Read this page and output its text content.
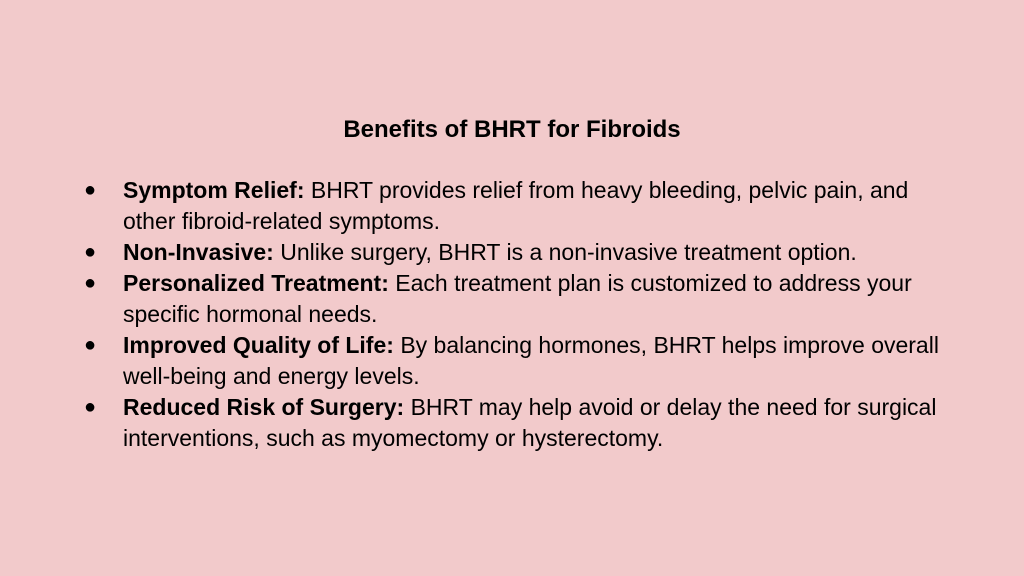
Benefits of BHRT for Fibroids
● Symptom Relief: BHRT provides relief from heavy bleeding, pelvic pain, and other fibroid-related symptoms.
● Non-Invasive: Unlike surgery, BHRT is a non-invasive treatment option.
● Personalized Treatment: Each treatment plan is customized to address your specific hormonal needs.
● Improved Quality of Life: By balancing hormones, BHRT helps improve overall well-being and energy levels.
● Reduced Risk of Surgery: BHRT may help avoid or delay the need for surgical interventions, such as myomectomy or hysterectomy.
